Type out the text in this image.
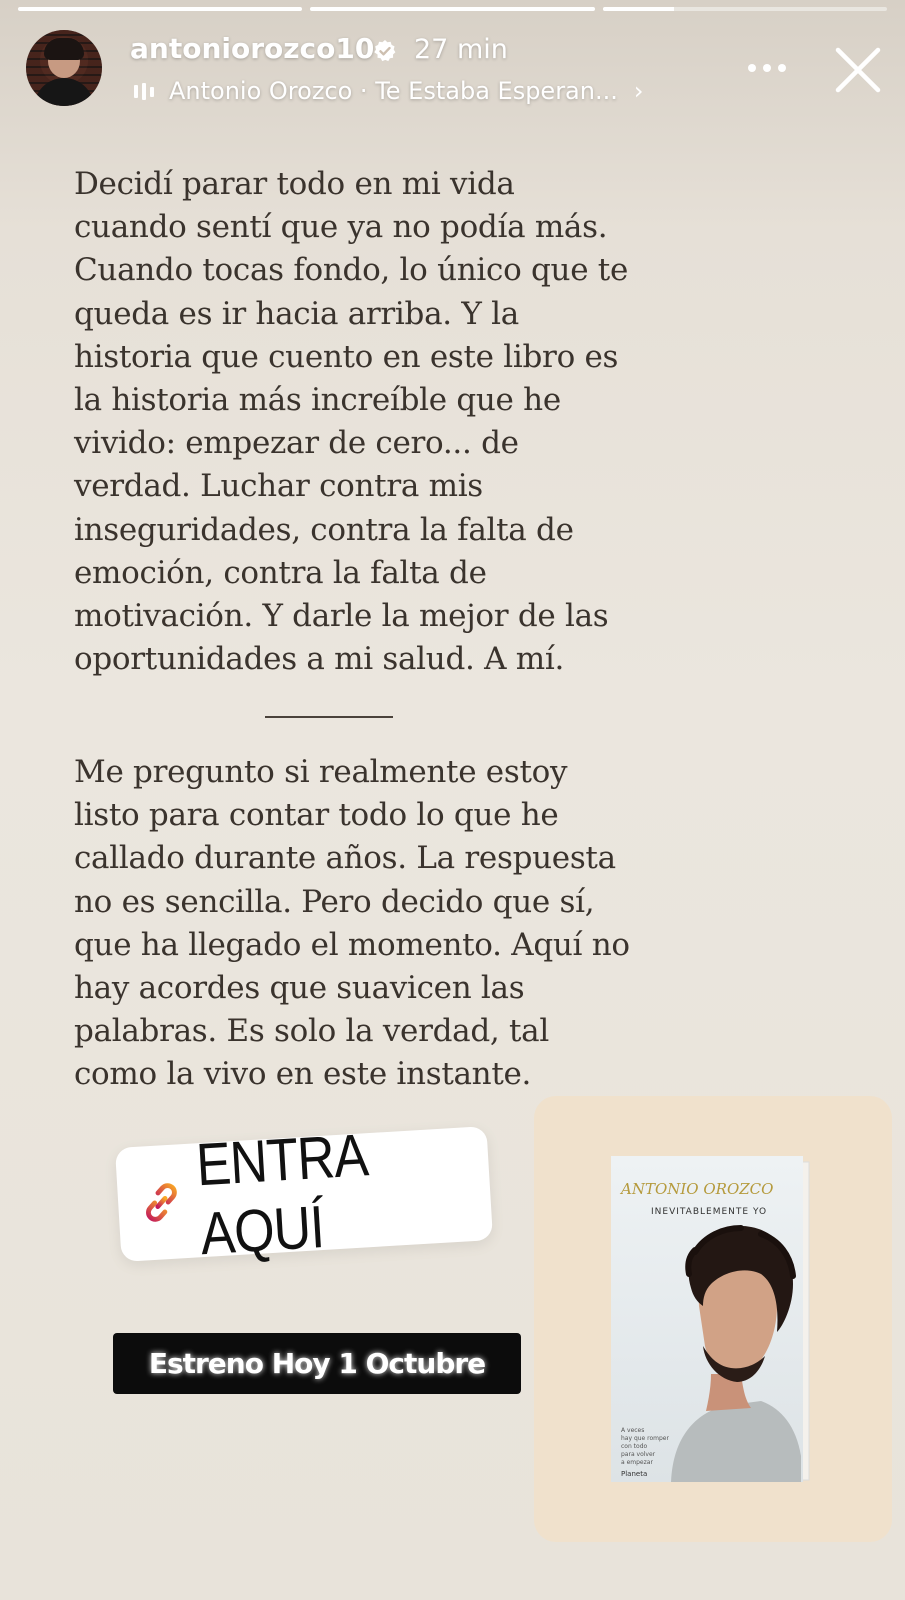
antoniorozco10 27 min
Antonio Orozco · Te Estaba Esperan... ›

Decidí parar todo en mi vida cuando sentí que ya no podía más. Cuando tocas fondo, lo único que te queda es ir hacia arriba. Y la historia que cuento en este libro es la historia más increíble que he vivido: empezar de cero... de verdad. Luchar contra mis inseguridades, contra la falta de emoción, contra la falta de motivación. Y darle la mejor de las oportunidades a mi salud. A mí.

Me pregunto si realmente estoy listo para contar todo lo que he callado durante años. La respuesta no es sencilla. Pero decido que sí, que ha llegado el momento. Aquí no hay acordes que suavicen las palabras. Es solo la verdad, tal como la vivo en este instante.

ENTRA AQUÍ
Estreno Hoy 1 Octubre
ANTONIO OROZCO
INEVITABLEMENTE YO
A veces
hay que romper
con todo
para volver
a empezar
Planeta
